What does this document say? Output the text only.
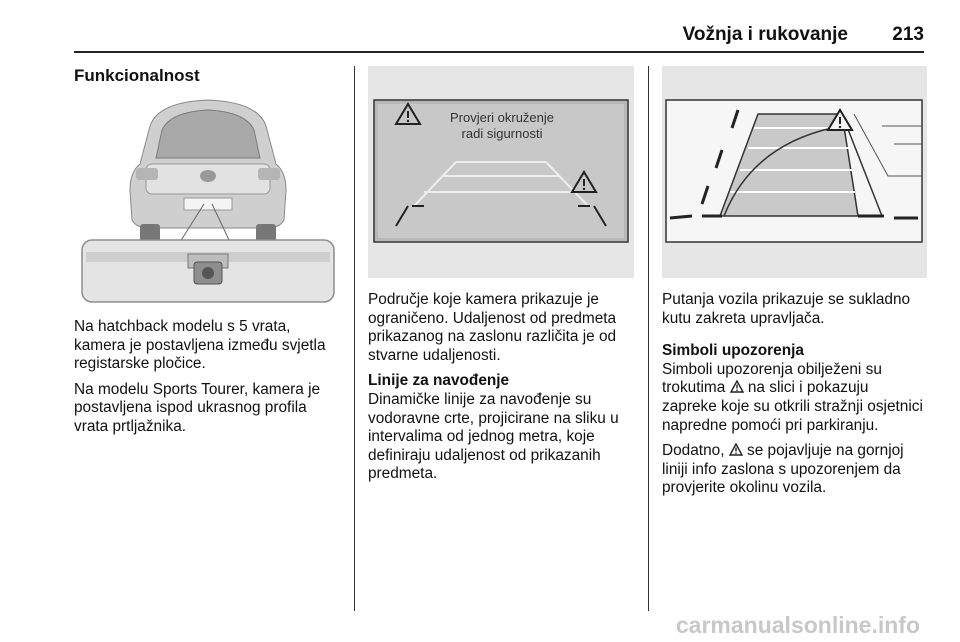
Vožnja i rukovanje 213
Funkcionalnost

Na hatchback modelu s 5 vrata, kamera je postavljena između svjetla registarske pločice.

Na modelu Sports Tourer, kamera je postavljena ispod ukrasnog profila vrata prtljažnika.

Provjeri okruženje
radi sigurnosti

Područje koje kamera prikazuje je ograničeno. Udaljenost od predmeta prikazanog na zaslonu različita je od stvarne udaljenosti.

Linije za navođenje

Dinamičke linije za navođenje su vodoravne crte, projicirane na sliku u intervalima od jednog metra, koje definiraju udaljenost od prikazanih predmeta.

Putanja vozila prikazuje se sukladno kutu zakreta upravljača.

Simboli upozorenja

Simboli upozorenja obilježeni su trokutima na slici i pokazuju zapreke koje su otkrili stražnji osjetnici napredne pomoći pri parkiranju.

Dodatno, se pojavljuje na gornjoj liniji info zaslona s upozorenjem da provjerite okolinu vozila.

carmanualsonline.info
